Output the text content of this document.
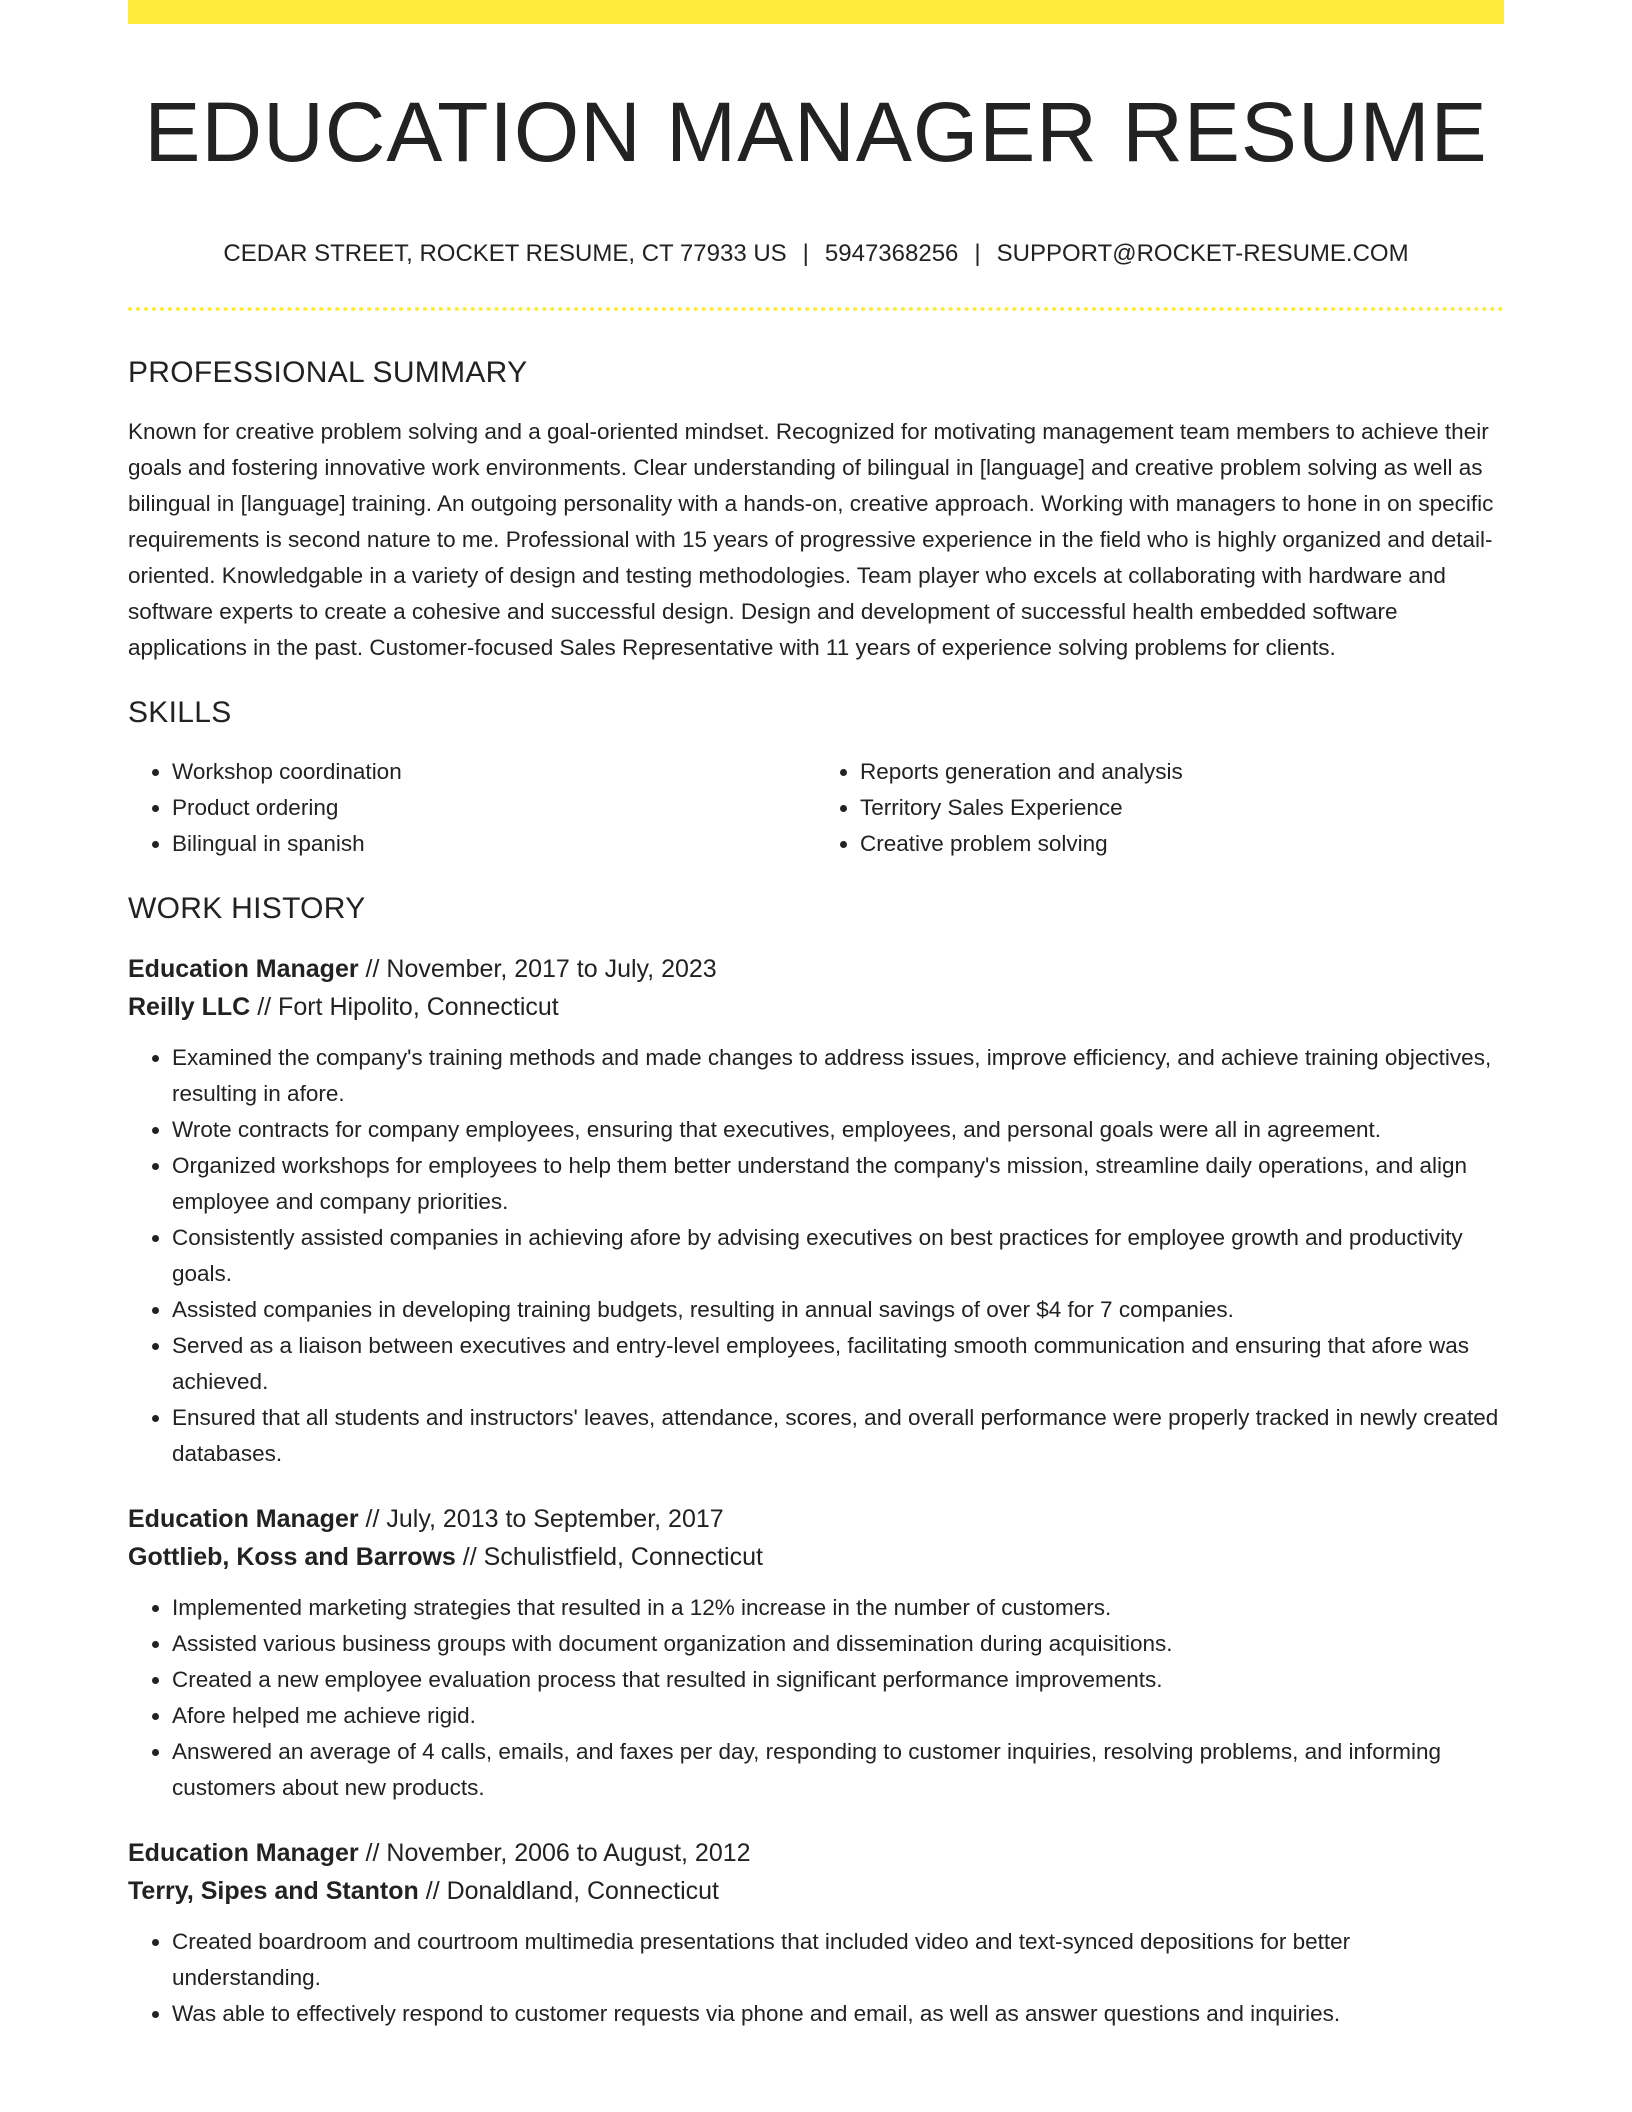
EDUCATION MANAGER RESUME
CEDAR STREET, ROCKET RESUME, CT 77933 US | 5947368256 | SUPPORT@ROCKET-RESUME.COM
PROFESSIONAL SUMMARY

Known for creative problem solving and a goal-oriented mindset. Recognized for motivating management team members to achieve their goals and fostering innovative work environments. Clear understanding of bilingual in [language] and creative problem solving as well as bilingual in [language] training. An outgoing personality with a hands-on, creative approach. Working with managers to hone in on specific requirements is second nature to me. Professional with 15 years of progressive experience in the field who is highly organized and detail-oriented. Knowledgable in a variety of design and testing methodologies. Team player who excels at collaborating with hardware and software experts to create a cohesive and successful design. Design and development of successful health embedded software applications in the past. Customer-focused Sales Representative with 11 years of experience solving problems for clients.

SKILLS
• Workshop coordination
• Product ordering
• Bilingual in spanish
• Reports generation and analysis
• Territory Sales Experience
• Creative problem solving
WORK HISTORY
Education Manager // November, 2017 to July, 2023
Reilly LLC // Fort Hipolito, Connecticut
• Examined the company's training methods and made changes to address issues, improve efficiency, and achieve training objectives, resulting in afore.
• Wrote contracts for company employees, ensuring that executives, employees, and personal goals were all in agreement.
• Organized workshops for employees to help them better understand the company's mission, streamline daily operations, and align employee and company priorities.
• Consistently assisted companies in achieving afore by advising executives on best practices for employee growth and productivity goals.
• Assisted companies in developing training budgets, resulting in annual savings of over $4 for 7 companies.
• Served as a liaison between executives and entry-level employees, facilitating smooth communication and ensuring that afore was achieved.
• Ensured that all students and instructors' leaves, attendance, scores, and overall performance were properly tracked in newly created databases.
Education Manager // July, 2013 to September, 2017
Gottlieb, Koss and Barrows // Schulistfield, Connecticut
• Implemented marketing strategies that resulted in a 12% increase in the number of customers.
• Assisted various business groups with document organization and dissemination during acquisitions.
• Created a new employee evaluation process that resulted in significant performance improvements.
• Afore helped me achieve rigid.
• Answered an average of 4 calls, emails, and faxes per day, responding to customer inquiries, resolving problems, and informing customers about new products.
Education Manager // November, 2006 to August, 2012
Terry, Sipes and Stanton // Donaldland, Connecticut
• Created boardroom and courtroom multimedia presentations that included video and text-synced depositions for better understanding.
• Was able to effectively respond to customer requests via phone and email, as well as answer questions and inquiries.
